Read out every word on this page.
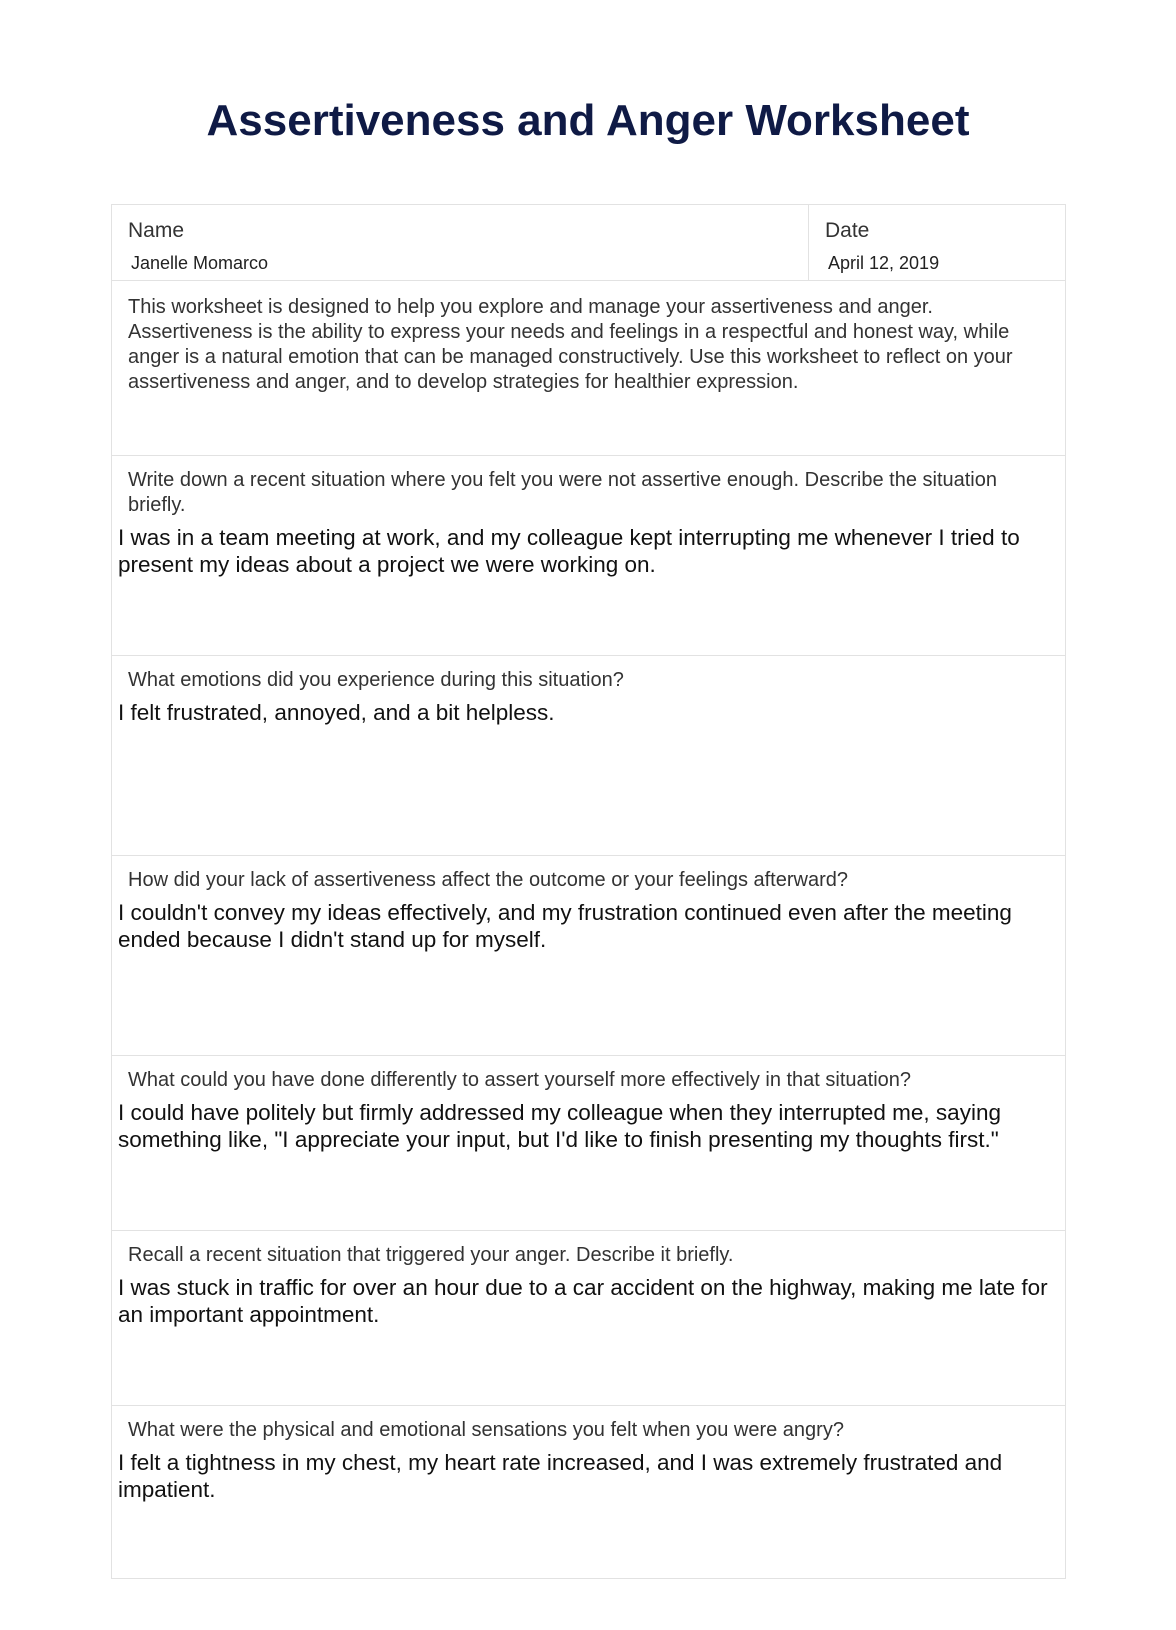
Assertiveness and Anger Worksheet
Name
Janelle Momarco
Date
April 12, 2019
This worksheet is designed to help you explore and manage your assertiveness and anger. Assertiveness is the ability to express your needs and feelings in a respectful and honest way, while anger is a natural emotion that can be managed constructively. Use this worksheet to reflect on your assertiveness and anger, and to develop strategies for healthier expression.
Write down a recent situation where you felt you were not assertive enough. Describe the situation briefly.
I was in a team meeting at work, and my colleague kept interrupting me whenever I tried to present my ideas about a project we were working on.
What emotions did you experience during this situation?
I felt frustrated, annoyed, and a bit helpless.
How did your lack of assertiveness affect the outcome or your feelings afterward?
I couldn't convey my ideas effectively, and my frustration continued even after the meeting ended because I didn't stand up for myself.
What could you have done differently to assert yourself more effectively in that situation?
I could have politely but firmly addressed my colleague when they interrupted me, saying something like, "I appreciate your input, but I'd like to finish presenting my thoughts first."
Recall a recent situation that triggered your anger. Describe it briefly.
I was stuck in traffic for over an hour due to a car accident on the highway, making me late for an important appointment.
What were the physical and emotional sensations you felt when you were angry?
I felt a tightness in my chest, my heart rate increased, and I was extremely frustrated and impatient.
